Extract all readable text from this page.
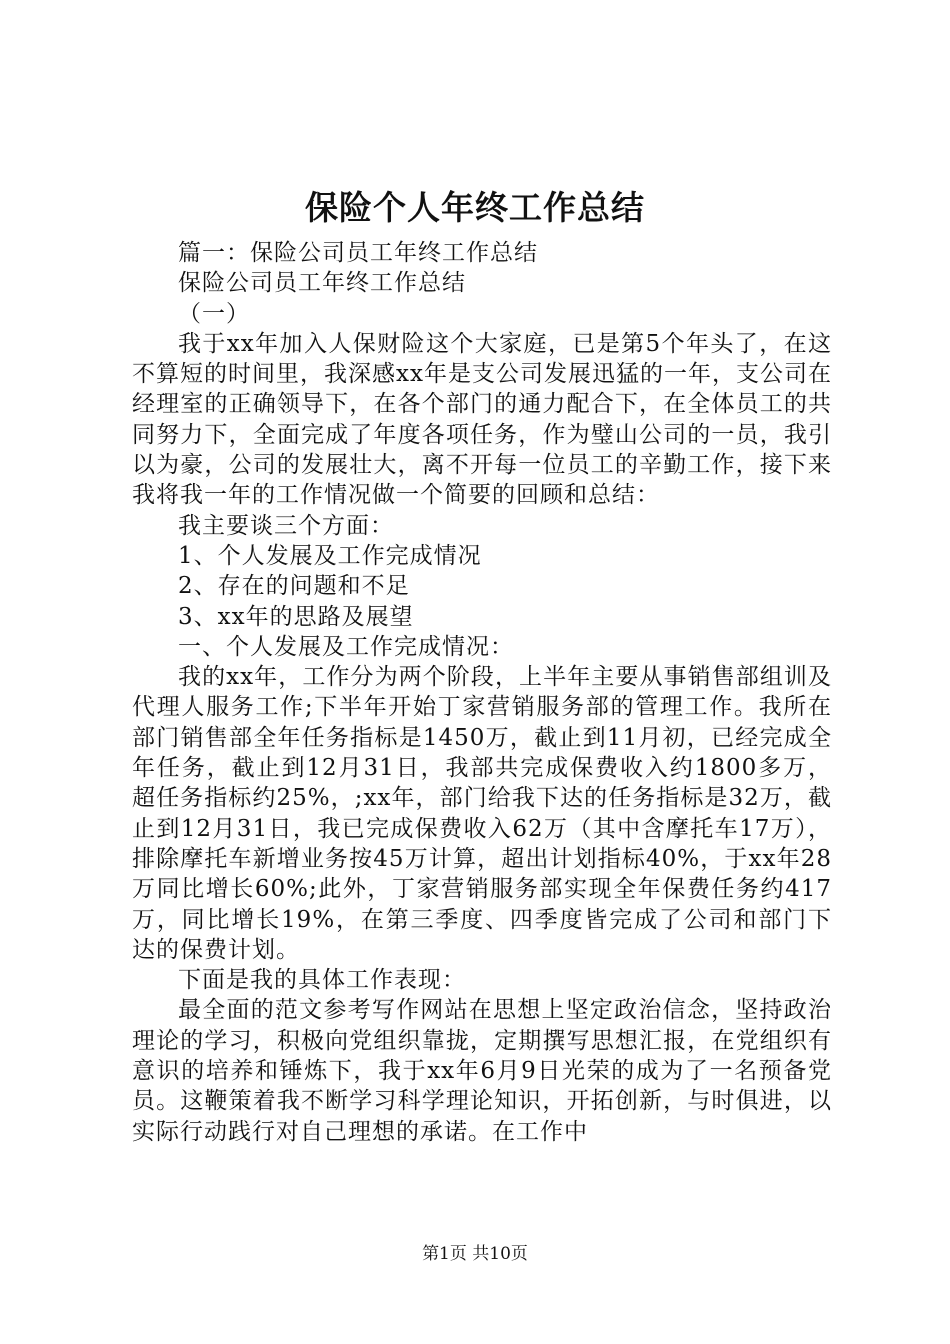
保险个人年终工作总结

篇一：保险公司员工年终工作总结

保险公司员工年终工作总结

（一）

我于xx年加入人保财险这个大家庭，已是第5个年头了，在这不算短的时间里，我深感xx年是支公司发展迅猛的一年，支公司在经理室的正确领导下，在各个部门的通力配合下，在全体员工的共同努力下，全面完成了年度各项任务，作为璧山公司的一员，我引以为豪，公司的发展壮大，离不开每一位员工的辛勤工作，接下来我将我一年的工作情况做一个简要的回顾和总结：

我主要谈三个方面：

1、个人发展及工作完成情况

2、存在的问题和不足

3、xx年的思路及展望

一、个人发展及工作完成情况：

我的xx年，工作分为两个阶段，上半年主要从事销售部组训及代理人服务工作;下半年开始丁家营销服务部的管理工作。我所在部门销售部全年任务指标是1450万，截止到11月初，已经完成全年任务，截止到12月31日，我部共完成保费收入约1800多万，超任务指标约25%，;xx年，部门给我下达的任务指标是32万，截止到12月31日，我已完成保费收入62万（其中含摩托车17万），排除摩托车新增业务按45万计算，超出计划指标40%，于xx年28万同比增长60%;此外，丁家营销服务部实现全年保费任务约417万，同比增长19%，在第三季度、四季度皆完成了公司和部门下达的保费计划。

下面是我的具体工作表现：

最全面的范文参考写作网站在思想上坚定政治信念，坚持政治理论的学习，积极向党组织靠拢，定期撰写思想汇报，在党组织有意识的培养和锤炼下，我于xx年6月9日光荣的成为了一名预备党员。这鞭策着我不断学习科学理论知识，开拓创新，与时俱进，以实际行动践行对自己理想的承诺。在工作中

第1页 共10页
